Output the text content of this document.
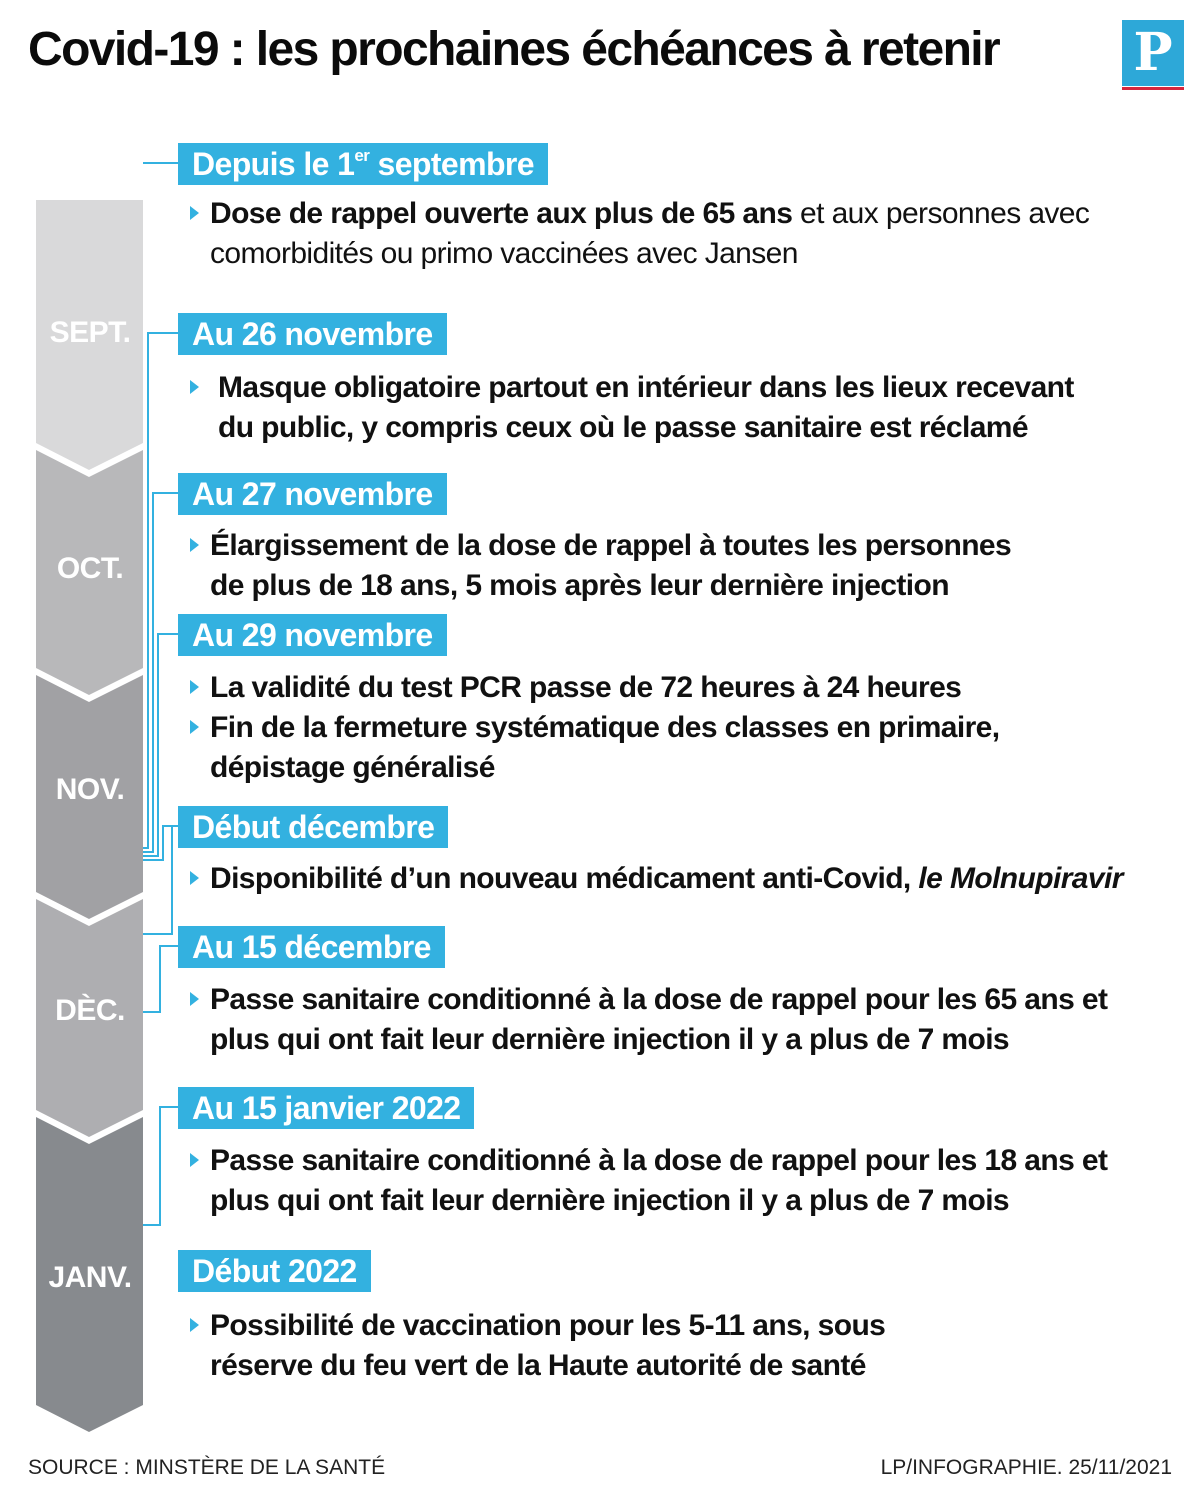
Covid-19 : les prochaines échéances à retenir	P
SEPT.
OCT.
NOV.
DÈC.
JANV.
Depuis le 1er septembre
Dose de rappel ouverte aux plus de 65 ans et aux personnes avec comorbidités ou primo vaccinées avec Jansen
Au 26 novembre
Masque obligatoire partout en intérieur dans les lieux recevant du public, y compris ceux où le passe sanitaire est réclamé
Au 27 novembre
Élargissement de la dose de rappel à toutes les personnes de plus de 18 ans, 5 mois après leur dernière injection
Au 29 novembre
La validité du test PCR passe de 72 heures à 24 heures
Fin de la fermeture systématique des classes en primaire, dépistage généralisé
Début décembre
Disponibilité d’un nouveau médicament anti-Covid, le Molnupiravir
Au 15 décembre
Passe sanitaire conditionné à la dose de rappel pour les 65 ans et plus qui ont fait leur dernière injection il y a plus de 7 mois
Au 15 janvier 2022
Passe sanitaire conditionné à la dose de rappel pour les 18 ans et plus qui ont fait leur dernière injection il y a plus de 7 mois
Début 2022
Possibilité de vaccination pour les 5-11 ans, sous réserve du feu vert de la Haute autorité de santé
SOURCE : MINSTÈRE DE LA SANTÉ	LP/INFOGRAPHIE. 25/11/2021
